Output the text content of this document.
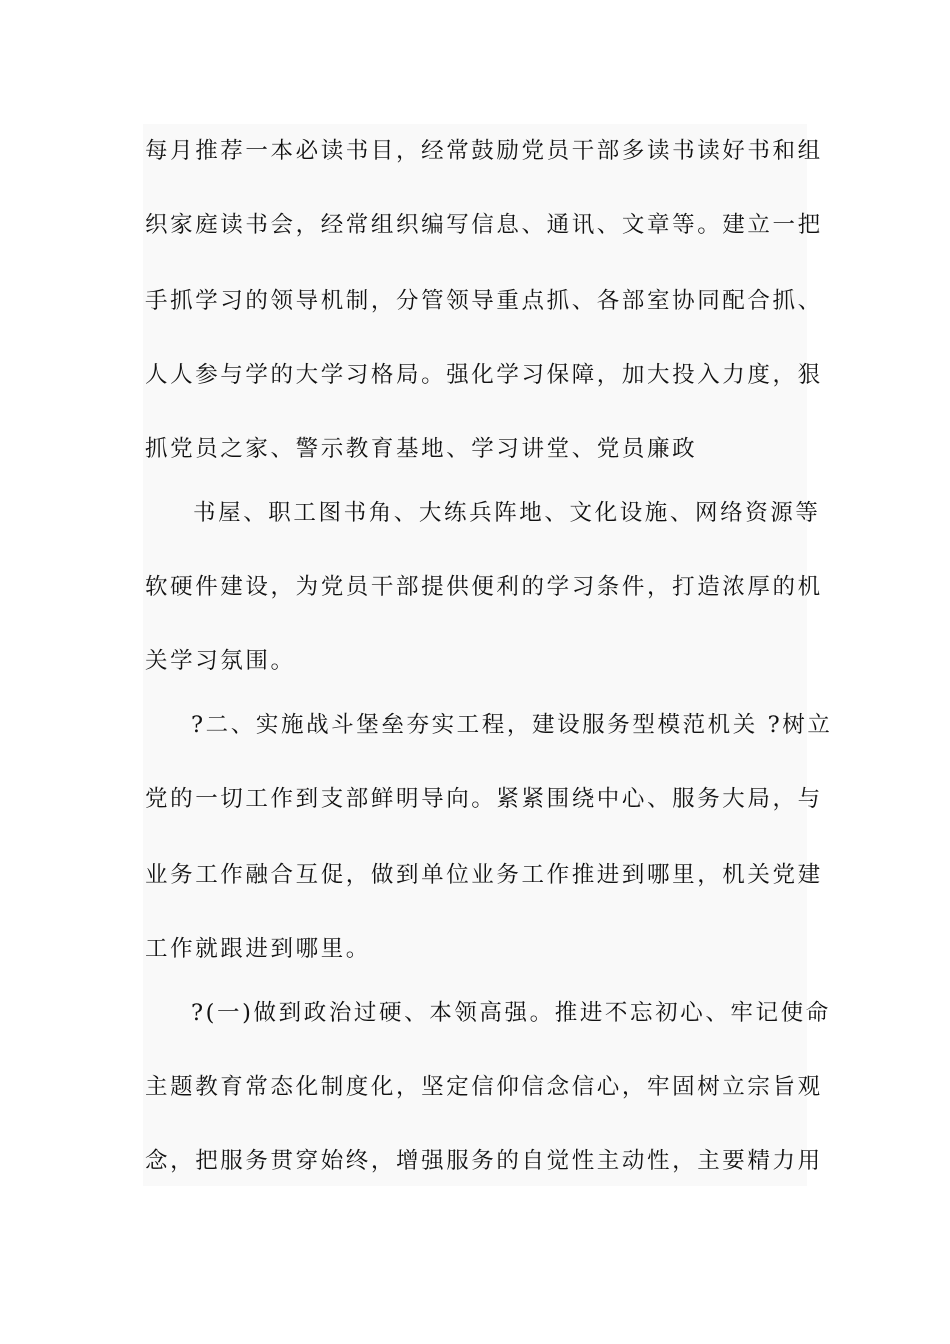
每月推荐一本必读书目，经常鼓励党员干部多读书读好书和组
织家庭读书会，经常组织编写信息、通讯、文章等。建立一把
手抓学习的领导机制，分管领导重点抓、各部室协同配合抓、
人人参与学的大学习格局。强化学习保障，加大投入力度，狠
抓党员之家、警示教育基地、学习讲堂、党员廉政
书屋、职工图书角、大练兵阵地、文化设施、网络资源等
软硬件建设，为党员干部提供便利的学习条件，打造浓厚的机
关学习氛围。
?二、实施战斗堡垒夯实工程，建设服务型模范机关 ?树立
党的一切工作到支部鲜明导向。紧紧围绕中心、服务大局，与
业务工作融合互促，做到单位业务工作推进到哪里，机关党建
工作就跟进到哪里。
?(一)做到政治过硬、本领高强。推进不忘初心、牢记使命
主题教育常态化制度化，坚定信仰信念信心，牢固树立宗旨观
念，把服务贯穿始终，增强服务的自觉性主动性，主要精力用
